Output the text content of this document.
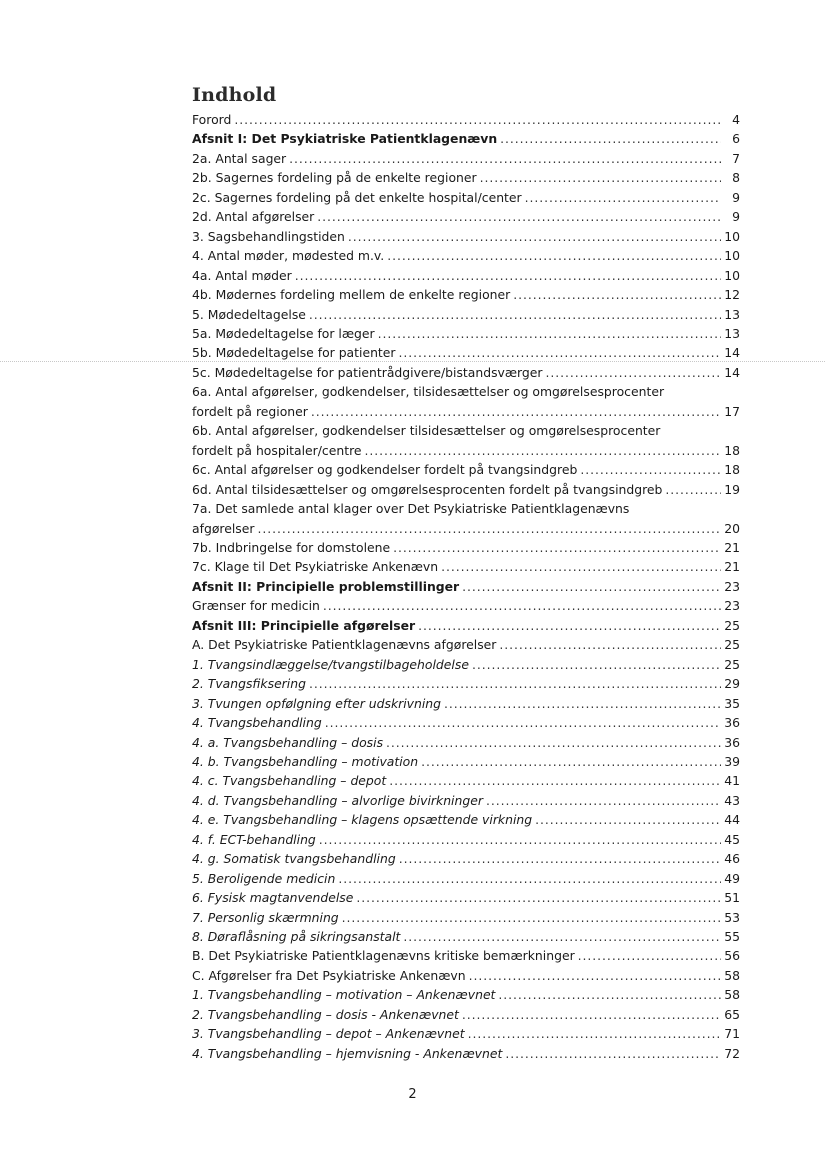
Indhold
Forord . . .	4
Afsnit I: Det Psykiatriske Patientklagenævn . . .	6
2a. Antal sager . . .	7
2b. Sagernes fordeling på de enkelte regioner . . .	8
2c. Sagernes fordeling på det enkelte hospital/center . . .	9
2d. Antal afgørelser . . .	9
3. Sagsbehandlingstiden . . .	10
4. Antal møder, mødested m.v. . . .	10
4a. Antal møder . . .	10
4b. Mødernes fordeling mellem de enkelte regioner . . .	12
5. Mødedeltagelse . . .	13
5a. Mødedeltagelse for læger . . .	13
5b. Mødedeltagelse for patienter . . .	14
5c. Mødedeltagelse for patientrådgivere/bistandsværger . . .	14
6a. Antal afgørelser, godkendelser, tilsidesættelser og omgørelsesprocenter
fordelt på regioner . . .	17
6b. Antal afgørelser, godkendelser tilsidesættelser og omgørelsesprocenter
fordelt på hospitaler/centre . . .	18
6c. Antal afgørelser og godkendelser fordelt på tvangsindgreb . . .	18
6d. Antal tilsidesættelser og omgørelsesprocenten fordelt på tvangsindgreb . . .	19
7a. Det samlede antal klager over Det Psykiatriske Patientklagenævns
afgørelser . . .	20
7b. Indbringelse for domstolene . . .	21
7c. Klage til Det Psykiatriske Ankenævn . . .	21
Afsnit II: Principielle problemstillinger . . .	23
Grænser for medicin . . .	23
Afsnit III: Principielle afgørelser . . .	25
A. Det Psykiatriske Patientklagenævns afgørelser . . .	25
1. Tvangsindlæggelse/tvangstilbageholdelse . . .	25
2. Tvangsfiksering . . .	29
3. Tvungen opfølgning efter udskrivning . . .	35
4. Tvangsbehandling . . .	36
4. a. Tvangsbehandling – dosis . . .	36
4. b. Tvangsbehandling – motivation . . .	39
4. c. Tvangsbehandling – depot . . .	41
4. d. Tvangsbehandling – alvorlige bivirkninger . . .	43
4. e. Tvangsbehandling – klagens opsættende virkning . . .	44
4. f. ECT-behandling . . .	45
4. g. Somatisk tvangsbehandling . . .	46
5. Beroligende medicin . . .	49
6. Fysisk magtanvendelse . . .	51
7. Personlig skærmning . . .	53
8. Døraflåsning på sikringsanstalt . . .	55
B. Det Psykiatriske Patientklagenævns kritiske bemærkninger . . .	56
C. Afgørelser fra Det Psykiatriske Ankenævn . . .	58
1. Tvangsbehandling – motivation – Ankenævnet . . .	58
2. Tvangsbehandling – dosis - Ankenævnet . . .	65
3. Tvangsbehandling – depot – Ankenævnet . . .	71
4. Tvangsbehandling – hjemvisning - Ankenævnet . . .	72
2
